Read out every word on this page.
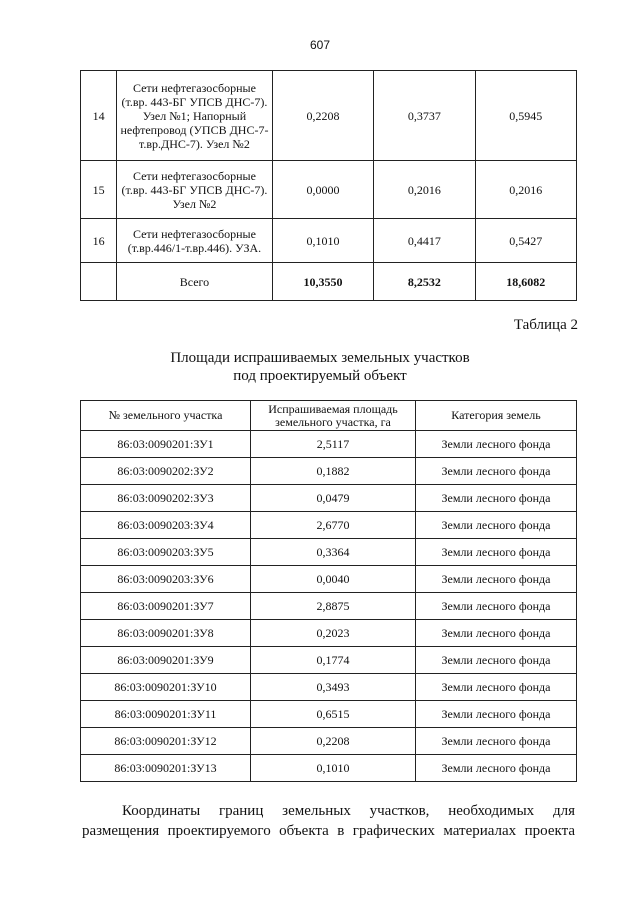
607
14	Сети нефтегазосборные (т.вр. 443-БГ УПСВ ДНС-7). Узел №1; Напорный нефтепровод (УПСВ ДНС-7-т.вр.ДНС-7). Узел №2	0,2208	0,3737	0,5945
15	Сети нефтегазосборные (т.вр. 443-БГ УПСВ ДНС-7). Узел №2	0,0000	0,2016	0,2016
16	Сети нефтегазосборные (т.вр.446/1-т.вр.446). УЗА.	0,1010	0,4417	0,5427
	Всего	10,3550	8,2532	18,6082
Таблица 2
Площади испрашиваемых земельных участков
под проектируемый объект
№ земельного участка	Испрашиваемая площадь земельного участка, га	Категория земель
86:03:0090201:ЗУ1	2,5117	Земли лесного фонда
86:03:0090202:ЗУ2	0,1882	Земли лесного фонда
86:03:0090202:ЗУ3	0,0479	Земли лесного фонда
86:03:0090203:ЗУ4	2,6770	Земли лесного фонда
86:03:0090203:ЗУ5	0,3364	Земли лесного фонда
86:03:0090203:ЗУ6	0,0040	Земли лесного фонда
86:03:0090201:ЗУ7	2,8875	Земли лесного фонда
86:03:0090201:ЗУ8	0,2023	Земли лесного фонда
86:03:0090201:ЗУ9	0,1774	Земли лесного фонда
86:03:0090201:ЗУ10	0,3493	Земли лесного фонда
86:03:0090201:ЗУ11	0,6515	Земли лесного фонда
86:03:0090201:ЗУ12	0,2208	Земли лесного фонда
86:03:0090201:ЗУ13	0,1010	Земли лесного фонда
Координаты границ земельных участков, необходимых для
размещения проектируемого объекта в графических материалах проекта
